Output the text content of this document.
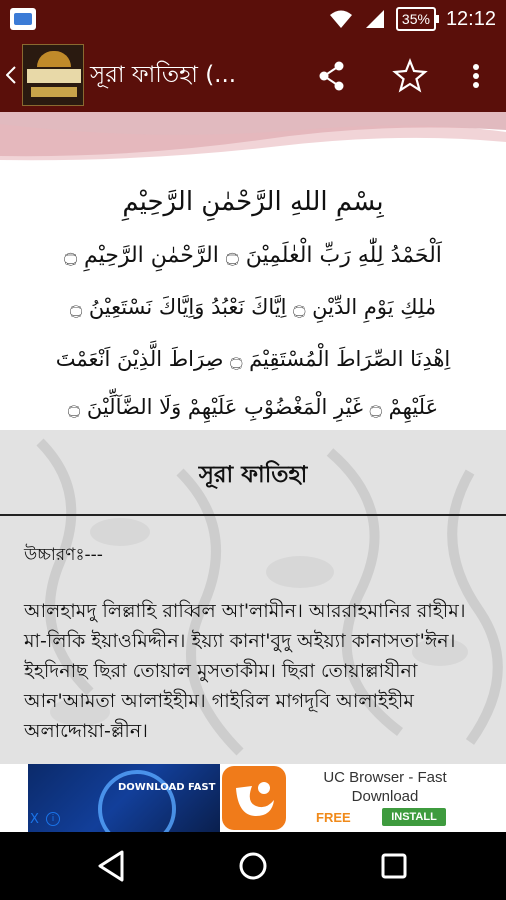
35% 12:12
সূরা ফাতিহা (...
بِسْمِ اللهِ الرَّحْمٰنِ الرَّحِيْمِ
اَلْحَمْدُ لِلّٰهِ رَبِّ الْعٰلَمِيْنَ ۝ الرَّحْمٰنِ الرَّحِيْمِ ۝
مٰلِكِ يَوْمِ الدِّيْنِ ۝ اِيَّاكَ نَعْبُدُ وَاِيَّاكَ نَسْتَعِيْنُ ۝
اِهْدِنَا الصِّرَاطَ الْمُسْتَقِيْمَ ۝ صِرَاطَ الَّذِيْنَ اَنْعَمْتَ
عَلَيْهِمْ ۝ غَيْرِ الْمَغْضُوْبِ عَلَيْهِمْ وَلَا الضَّآلِّيْنَ ۝
সূরা ফাতিহা
উচ্চারণঃ---
আলহামদু লিল্লাহি রাব্বিল আ'লামীন। আররাহমানির রাহীম। মা-লিকি ইয়াওমিদ্দীন। ইয়্যা কানা'বুদু অইয়্যা কানাসতা'ঈন। ইহদিনাছ ছিরা তোয়াল মুসতাকীম। ছিরা তোয়াল্লাযীনা আন'আমতা আলাইহীম। গাইরিল মাগদূবি আলাইহীম অলাদ্দোয়া-ল্লীন।
DOWNLOAD FAST
X	i
UC Browser - Fast
Download
FREE	INSTALL
